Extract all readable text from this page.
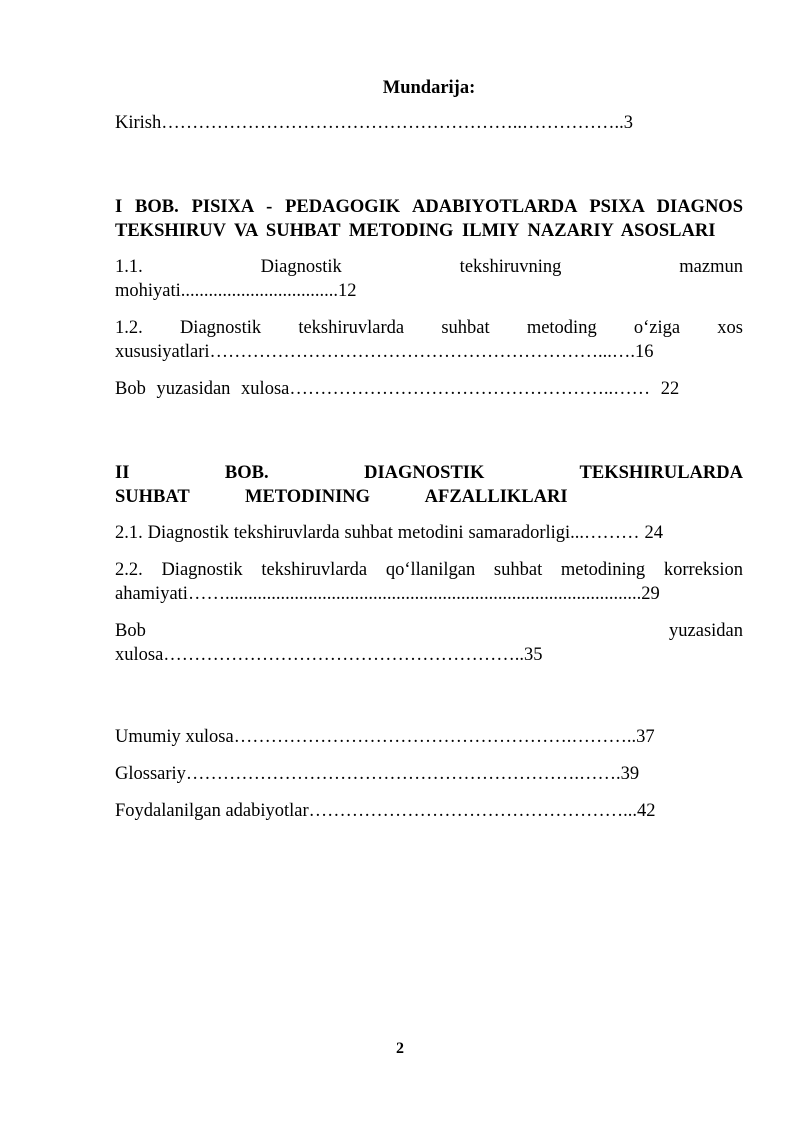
Mundarija:
Kirish…………………………………………………..……………..3
I BOB. PISIXA - PEDAGOGIK ADABIYOTLARDA PSIXA DIAGNOS TEKSHIRUV VA SUHBAT METODING ILMIY NAZARIY ASOSLARI
1.1. Diagnostik tekshiruvning mazmun mohiyati..................................12
1.2. Diagnostik tekshiruvlarda suhbat metoding o‘ziga xos xususiyatlari………………………………………………………...….16
Bob yuzasidan xulosa……………………………………………..…… 22
II BOB. DIAGNOSTIK TEKSHIRULARDA SUHBAT METODINING AFZALLIKLARI
2.1. Diagnostik tekshiruvlarda suhbat metodini samaradorligi...……… 24
2.2. Diagnostik tekshiruvlarda qo‘llanilgan suhbat metodining korreksion ahamiyati……..........................................................................................29
Bob yuzasidan xulosa…………………………………………………..35
Umumiy xulosa……………………………………………….………..37
Glossariy……………………………………………………….…….39
Foydalanilgan adabiyotlar……………………………………………...42
2
